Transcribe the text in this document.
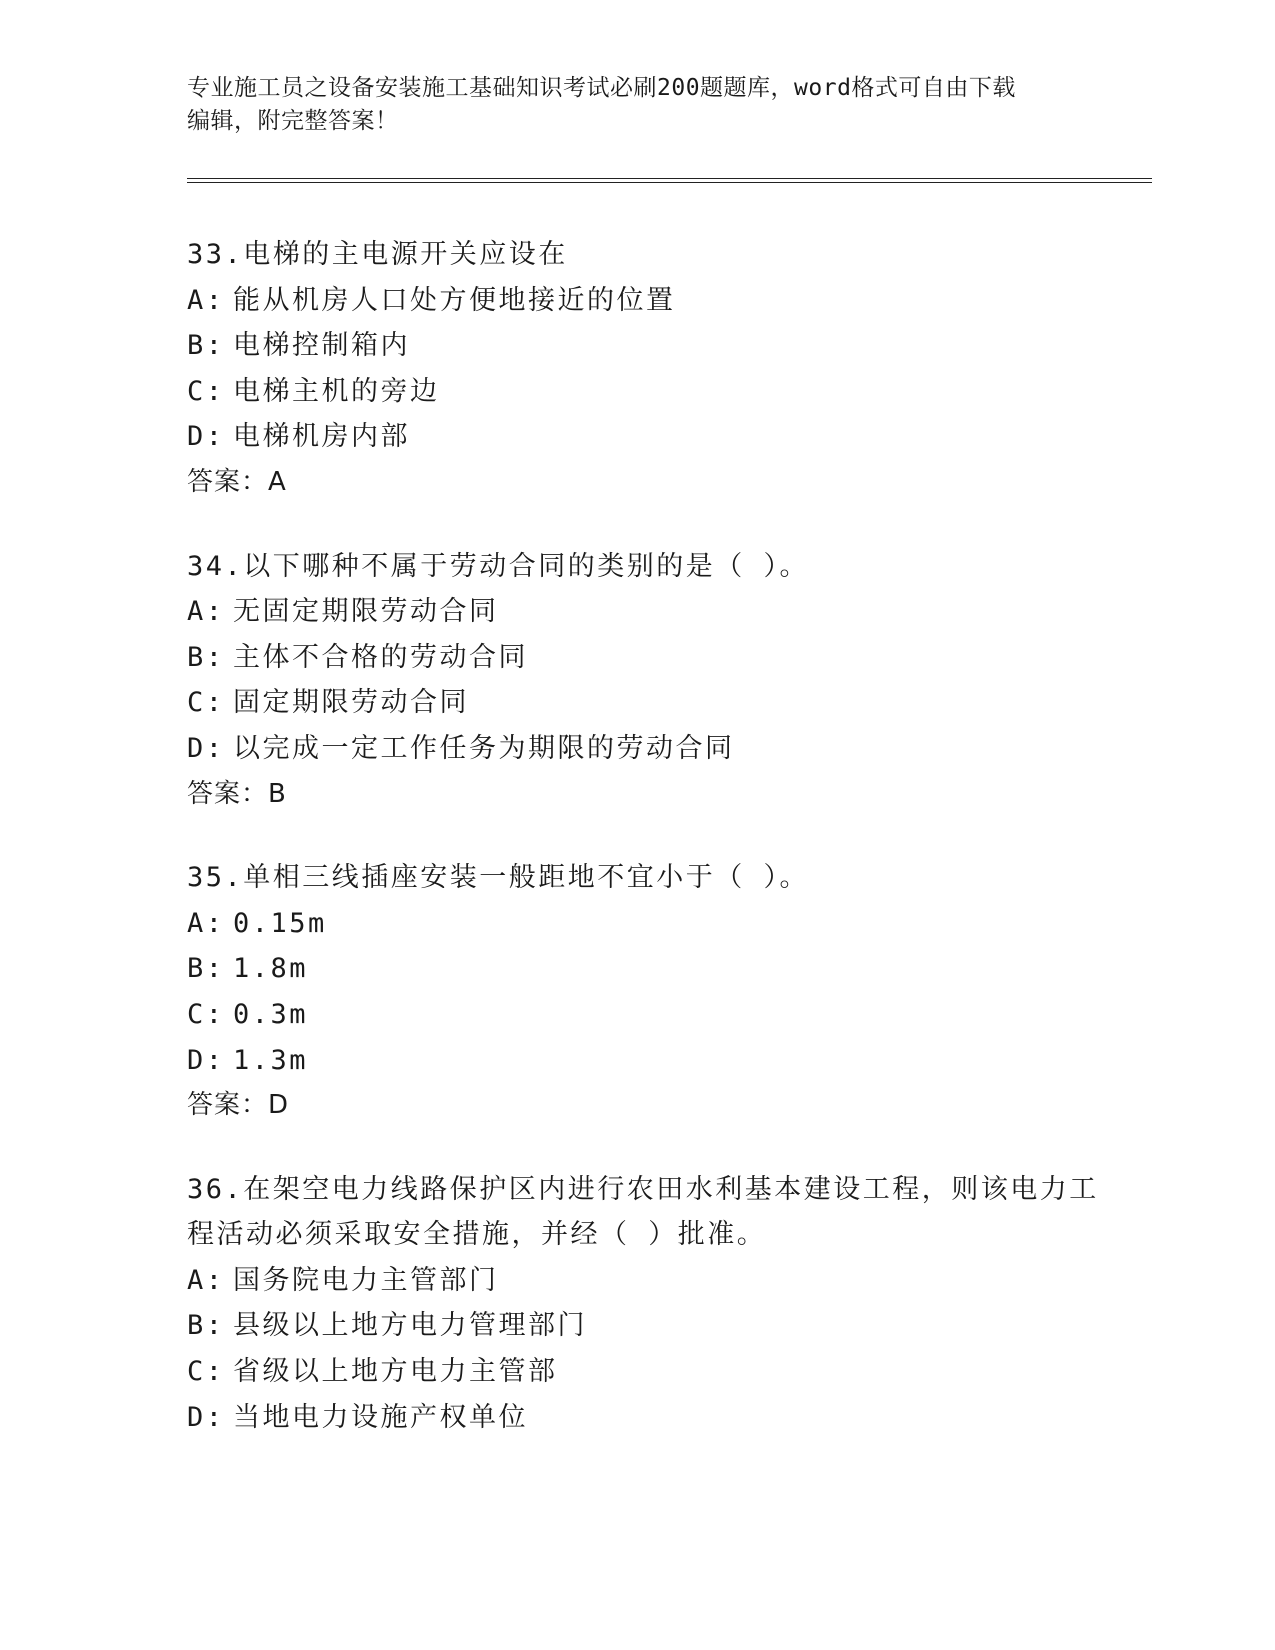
专业施工员之设备安装施工基础知识考试必刷200题题库，word格式可自由下载
编辑，附完整答案！
33.电梯的主电源开关应设在
A: 能从机房人口处方便地接近的位置
B: 电梯控制箱内
C: 电梯主机的旁边
D: 电梯机房内部
答案：A
34.以下哪种不属于劳动合同的类别的是（ ）。
A: 无固定期限劳动合同
B: 主体不合格的劳动合同
C: 固定期限劳动合同
D: 以完成一定工作任务为期限的劳动合同
答案：B
35.单相三线插座安装一般距地不宜小于（ ）。
A: 0.15m
B: 1.8m
C: 0.3m
D: 1.3m
答案：D
36.在架空电力线路保护区内进行农田水利基本建设工程，则该电力工
程活动必须采取安全措施，并经（ ）批准。
A: 国务院电力主管部门
B: 县级以上地方电力管理部门
C: 省级以上地方电力主管部
D: 当地电力设施产权单位
